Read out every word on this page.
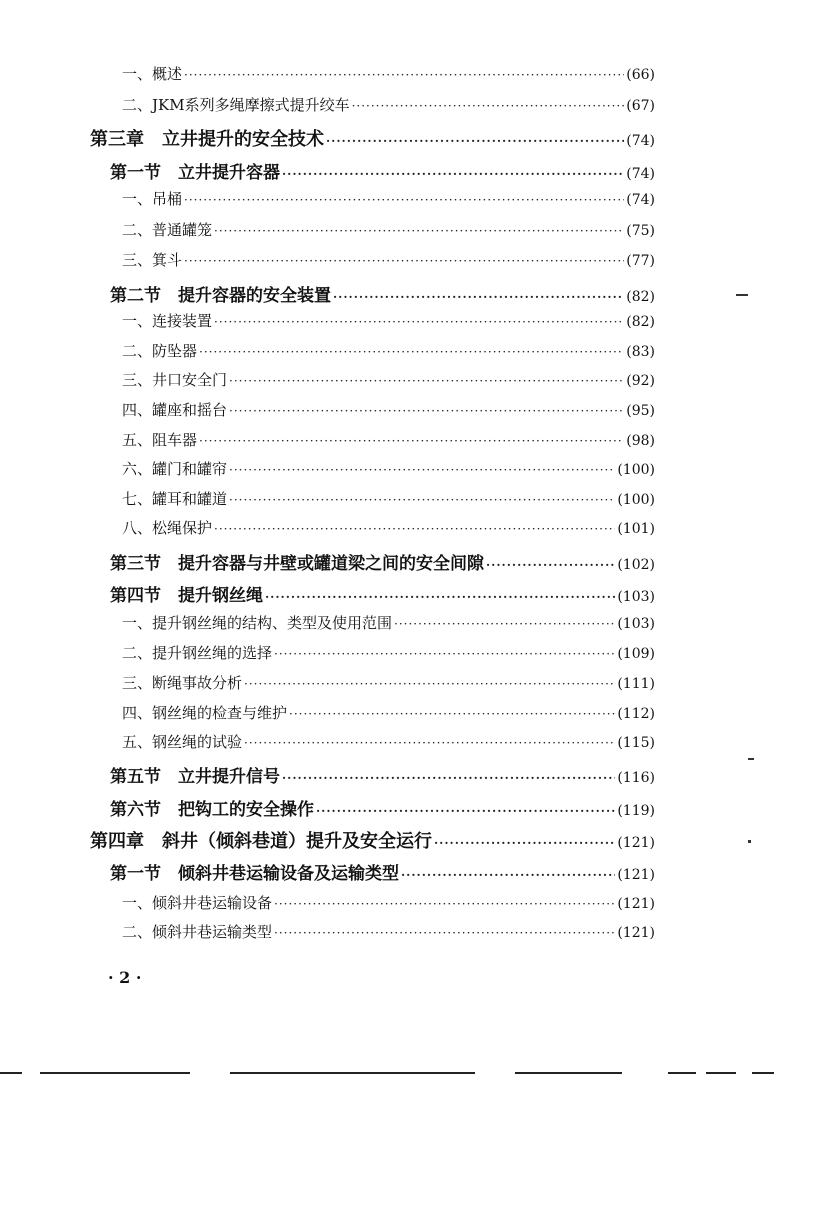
一、概述 ·····	(66)
二、JKM系列多绳摩擦式提升绞车 ·····	(67)
第三章　立井提升的安全技术 ·····	(74)
第一节　立井提升容器 ·····	(74)
一、吊桶 ·····	(74)
二、普通罐笼 ·····	(75)
三、箕斗 ·····	(77)
第二节　提升容器的安全装置 ·····	(82)
一、连接装置 ·····	(82)
二、防坠器 ·····	(83)
三、井口安全门 ·····	(92)
四、罐座和摇台 ·····	(95)
五、阻车器 ·····	(98)
六、罐门和罐帘 ·····	(100)
七、罐耳和罐道 ·····	(100)
八、松绳保护 ·····	(101)
第三节　提升容器与井壁或罐道梁之间的安全间隙 ·····	(102)
第四节　提升钢丝绳 ·····	(103)
一、提升钢丝绳的结构、类型及使用范围 ·····	(103)
二、提升钢丝绳的选择 ·····	(109)
三、断绳事故分析 ·····	(111)
四、钢丝绳的检查与维护 ·····	(112)
五、钢丝绳的试验 ·····	(115)
第五节　立井提升信号 ·····	(116)
第六节　把钩工的安全操作 ·····	(119)
第四章　斜井（倾斜巷道）提升及安全运行 ·····	(121)
第一节　倾斜井巷运输设备及运输类型 ·····	(121)
一、倾斜井巷运输设备 ·····	(121)
二、倾斜井巷运输类型 ·····	(121)
· 2 ·
